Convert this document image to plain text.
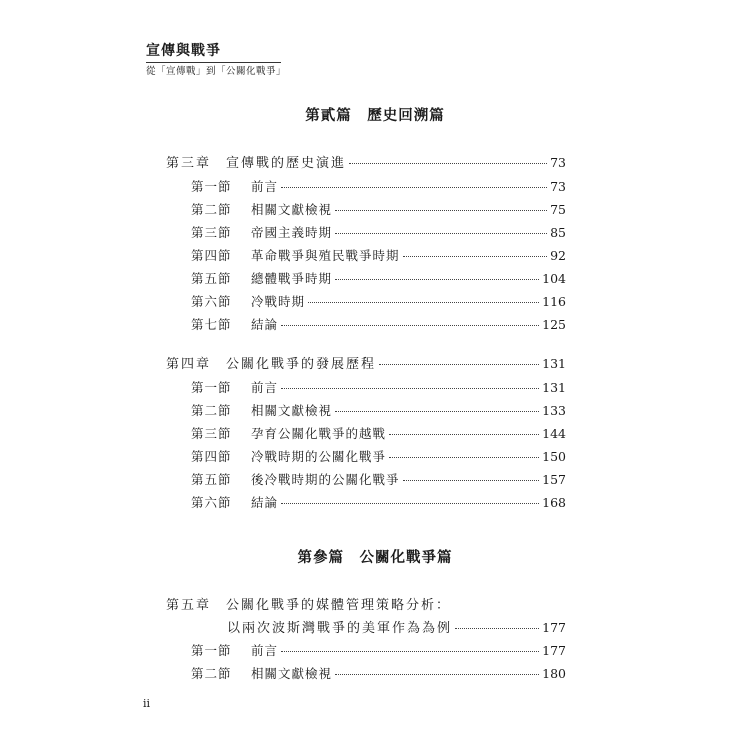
宣傳與戰爭
從「宣傳戰」到「公關化戰爭」
第貳篇　歷史回溯篇
第三章	宣傳戰的歷史演進	73
第一節	前言	73
第二節	相關文獻檢視	75
第三節	帝國主義時期	85
第四節	革命戰爭與殖民戰爭時期	92
第五節	總體戰爭時期	104
第六節	冷戰時期	116
第七節	結論	125
第四章	公關化戰爭的發展歷程	131
第一節	前言	131
第二節	相關文獻檢視	133
第三節	孕育公關化戰爭的越戰	144
第四節	冷戰時期的公關化戰爭	150
第五節	後冷戰時期的公關化戰爭	157
第六節	結論	168
第參篇　公關化戰爭篇
第五章	公關化戰爭的媒體管理策略分析：
以兩次波斯灣戰爭的美軍作為為例	177
第一節	前言	177
第二節	相關文獻檢視	180
ii
